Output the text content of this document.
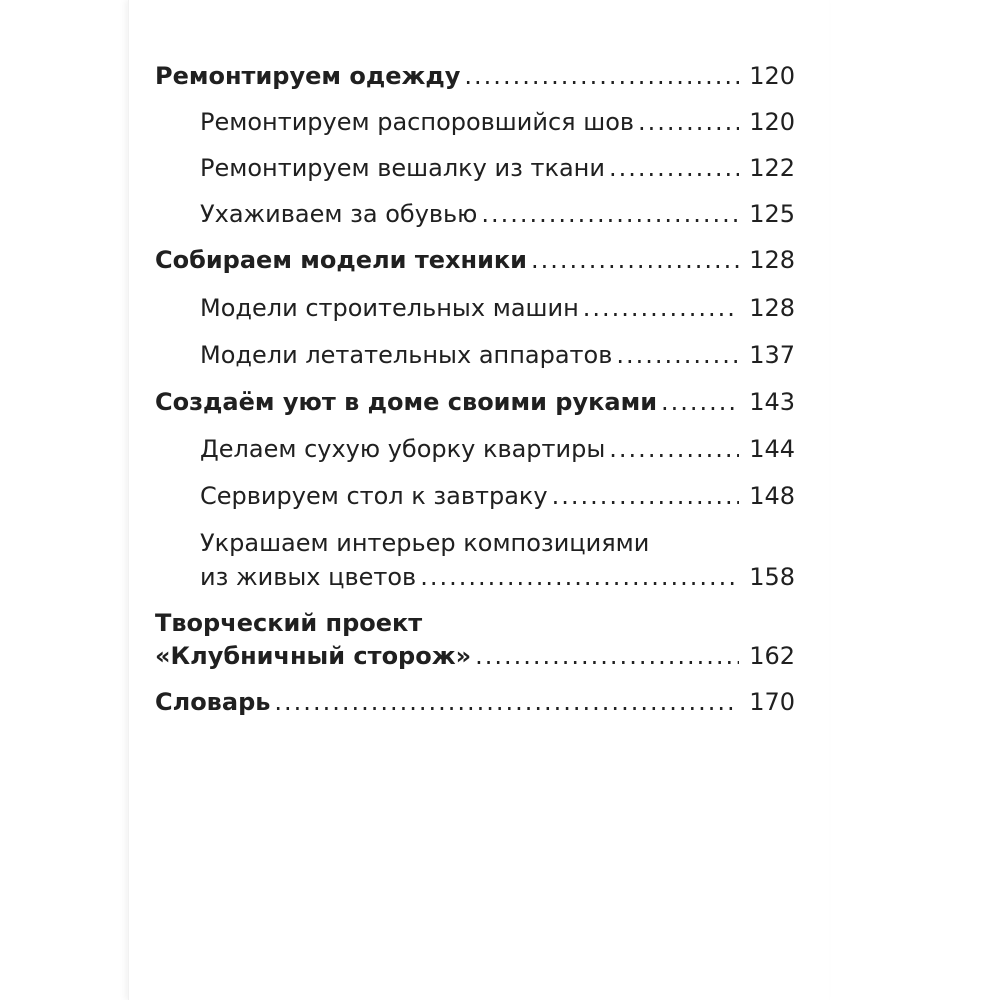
Ремонтируем одежду .....	120
Ремонтируем распоровшийся шов .....	120
Ремонтируем вешалку из ткани .....	122
Ухаживаем за обувью .....	125
Собираем модели техники .....	128
Модели строительных машин .....	128
Модели летательных аппаратов .....	137
Создаём уют в доме своими руками .....	143
Делаем сухую уборку квартиры .....	144
Сервируем стол к завтраку .....	148
Украшаем интерьер композициями
из живых цветов .....	158
Творческий проект
«Клубничный сторож» .....	162
Словарь .....	170
